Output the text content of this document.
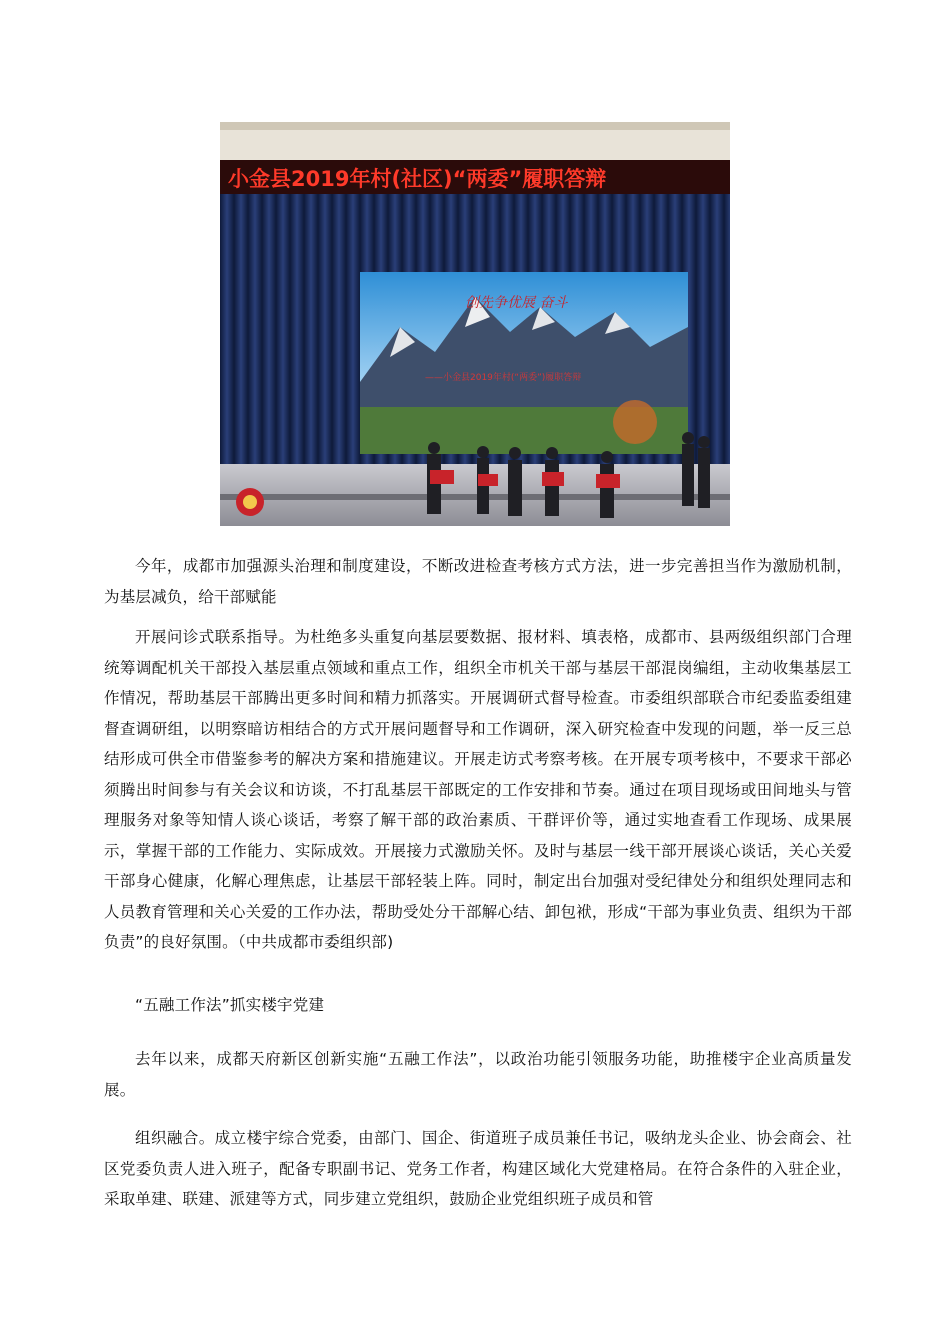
小金县2019年村(社区)“两委”履职答辩
创先争优展 奋斗
——小金县2019年村(“两委”)履职答辩

今年，成都市加强源头治理和制度建设，不断改进检查考核方式方法，进一步完善担当作为激励机制，为基层减负，给干部赋能

开展问诊式联系指导。为杜绝多头重复向基层要数据、报材料、填表格，成都市、县两级组织部门合理统筹调配机关干部投入基层重点领域和重点工作，组织全市机关干部与基层干部混岗编组，主动收集基层工作情况，帮助基层干部腾出更多时间和精力抓落实。开展调研式督导检查。市委组织部联合市纪委监委组建督查调研组，以明察暗访相结合的方式开展问题督导和工作调研，深入研究检查中发现的问题，举一反三总结形成可供全市借鉴参考的解决方案和措施建议。开展走访式考察考核。在开展专项考核中，不要求干部必须腾出时间参与有关会议和访谈，不打乱基层干部既定的工作安排和节奏。通过在项目现场或田间地头与管理服务对象等知情人谈心谈话，考察了解干部的政治素质、干群评价等，通过实地查看工作现场、成果展示，掌握干部的工作能力、实际成效。开展接力式激励关怀。及时与基层一线干部开展谈心谈话，关心关爱干部身心健康，化解心理焦虑，让基层干部轻装上阵。同时，制定出台加强对受纪律处分和组织处理同志和人员教育管理和关心关爱的工作办法，帮助受处分干部解心结、卸包袱，形成“干部为事业负责、组织为干部负责”的良好氛围。（中共成都市委组织部)

“五融工作法”抓实楼宇党建

去年以来，成都天府新区创新实施“五融工作法”，以政治功能引领服务功能，助推楼宇企业高质量发展。

组织融合。成立楼宇综合党委，由部门、国企、街道班子成员兼任书记，吸纳龙头企业、协会商会、社区党委负责人进入班子，配备专职副书记、党务工作者，构建区域化大党建格局。在符合条件的入驻企业，采取单建、联建、派建等方式，同步建立党组织，鼓励企业党组织班子成员和管
